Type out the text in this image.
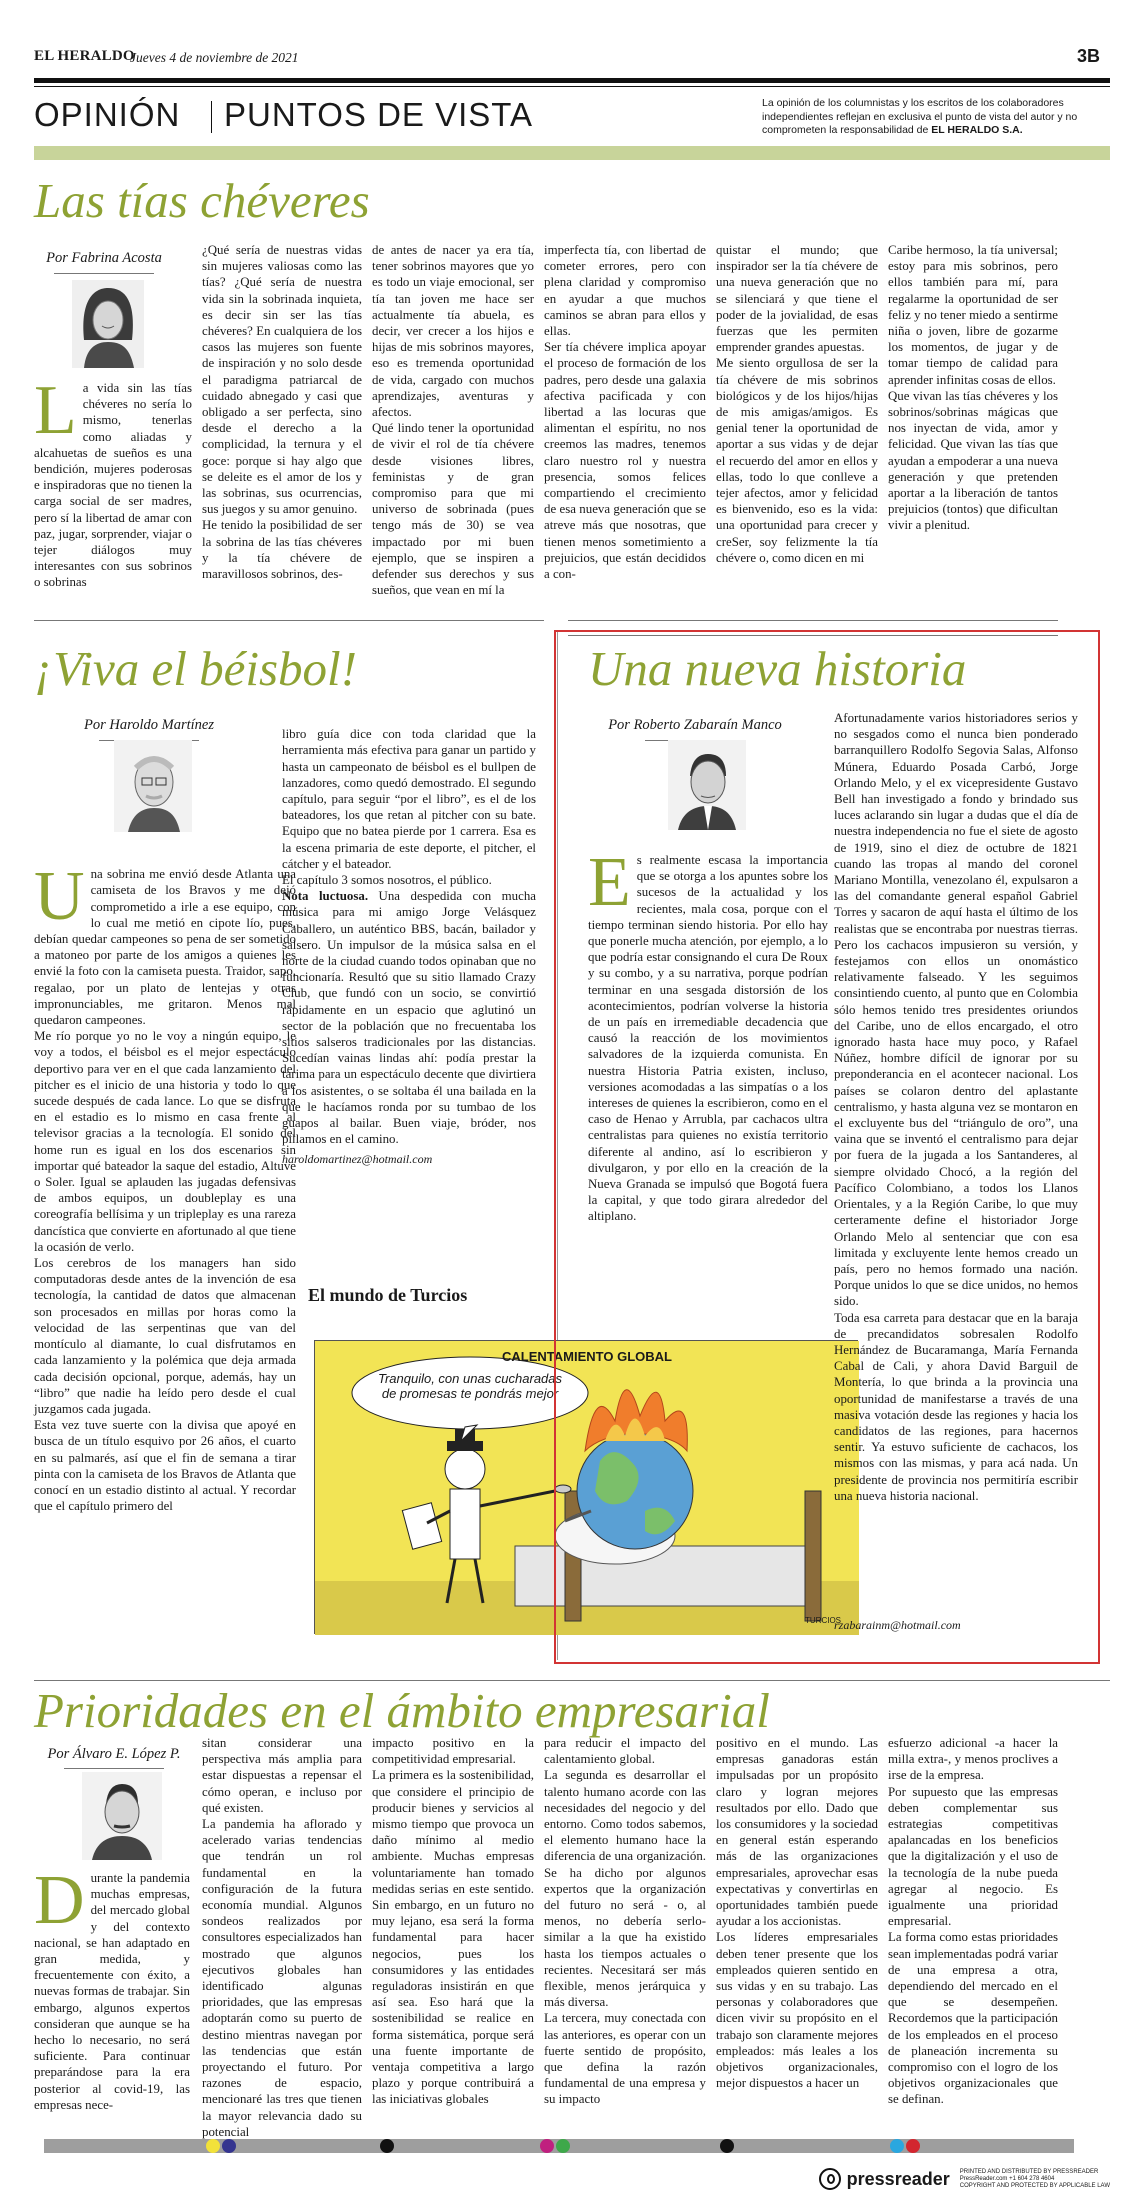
EL HERALDO
Jueves 4 de noviembre de 2021	3B
OPINIÓN PUNTOS DE VISTA	La opinión de los columnistas y los escritos de los colaboradores independientes reflejan en exclusiva el punto de vista del autor y no comprometen la responsabilidad de EL HERALDO S.A.
Las tías chéveres
Por Fabrina Acosta
La vida sin las tías chéveres no sería lo mismo, tenerlas como aliadas y alcahuetas de sueños es una bendición, mujeres poderosas e inspiradoras que no tienen la carga social de ser madres, pero sí la libertad de amar con paz, jugar, sorprender, viajar o tejer diálogos muy interesantes con sus sobrinos o sobrinas
¿Qué sería de nuestras vidas sin mujeres valiosas como las tías? ¿Qué sería de nuestra vida sin la sobrinada inquieta, es decir sin ser las tías chéveres? En cualquiera de los casos las mujeres son fuente de inspiración y no solo desde el paradigma patriarcal de cuidado abnegado y casi que obligado a ser perfecta, sino desde el derecho a la complicidad, la ternura y el goce: porque si hay algo que se deleite es el amor de los y las sobrinas, sus ocurrencias, sus juegos y su amor genuino.
He tenido la posibilidad de ser la sobrina de las tías chéveres y la tía chévere de maravillosos sobrinos, des-
de antes de nacer ya era tía, tener sobrinos mayores que yo es todo un viaje emocional, ser tía tan joven me hace ser actualmente tía abuela, es decir, ver crecer a los hijos e hijas de mis sobrinos mayores, eso es tremenda oportunidad de vida, cargado con muchos aprendizajes, aventuras y afectos.
Qué lindo tener la oportunidad de vivir el rol de tía chévere desde visiones libres, feministas y de gran compromiso para que mi universo de sobrinada (pues tengo más de 30) se vea impactado por mi buen ejemplo, que se inspiren a defender sus derechos y sus sueños, que vean en mí la
imperfecta tía, con libertad de cometer errores, pero con plena claridad y compromiso en ayudar a que muchos caminos se abran para ellos y ellas.
Ser tía chévere implica apoyar el proceso de formación de los padres, pero desde una galaxia afectiva pacificada y con libertad a las locuras que alimentan el espíritu, no nos creemos las madres, tenemos claro nuestro rol y nuestra presencia, somos felices compartiendo el crecimiento de esa nueva generación que se atreve más que nosotras, que tienen menos sometimiento a prejuicios, que están decididos a con-
quistar el mundo; que inspirador ser la tía chévere de una nueva generación que no se silenciará y que tiene el poder de la jovialidad, de esas fuerzas que les permiten emprender grandes apuestas.
Me siento orgullosa de ser la tía chévere de mis sobrinos biológicos y de los hijos/hijas de mis amigas/amigos. Es genial tener la oportunidad de aportar a sus vidas y de dejar el recuerdo del amor en ellos y ellas, todo lo que conlleve a tejer afectos, amor y felicidad es bienvenido, eso es la vida: una oportunidad para crecer y creSer, soy felizmente la tía chévere o, como dicen en mi
Caribe hermoso, la tía universal; estoy para mis sobrinos, pero ellos también para mí, para regalarme la oportunidad de ser feliz y no tener miedo a sentirme niña o joven, libre de gozarme los momentos, de jugar y de tomar tiempo de calidad para aprender infinitas cosas de ellos.
Que vivan las tías chéveres y los sobrinos/sobrinas mágicas que nos inyectan de vida, amor y felicidad. Que vivan las tías que ayudan a empoderar a una nueva generación y que pretenden aportar a la liberación de tantos prejuicios (tontos) que dificultan vivir a plenitud.
¡Viva el béisbol!
Por Haroldo Martínez

Una sobrina me envió desde Atlanta una camiseta de los Bravos y me dejó comprometido a irle a ese equipo, con lo cual me metió en cipote lío, pues, debían quedar campeones so pena de ser sometido a matoneo por parte de los amigos a quienes les envié la foto con la camiseta puesta. Traidor, sapo, regalao, por un plato de lentejas y otras impronunciables, me gritaron. Menos mal quedaron campeones.
Me río porque yo no le voy a ningún equipo, le voy a todos, el béisbol es el mejor espectáculo deportivo para ver en el que cada lanzamiento del pitcher es el inicio de una historia y todo lo que sucede después de cada lance. Lo que se disfruta en el estadio es lo mismo en casa frente al televisor gracias a la tecnología. El sonido del home run es igual en los dos escenarios sin importar qué bateador la saque del estadio, Altuve o Soler. Igual se aplauden las jugadas defensivas de ambos equipos, un doubleplay es una coreografía bellísima y un tripleplay es una rareza dancística que convierte en afortunado al que tiene la ocasión de verlo.
Los cerebros de los managers han sido computadoras desde antes de la invención de esa tecnología, la cantidad de datos que almacenan son procesados en millas por horas como la velocidad de las serpentinas que van del montículo al diamante, lo cual disfrutamos en cada lanzamiento y la polémica que deja armada cada decisión opcional, porque, además, hay un “libro” que nadie ha leído pero desde el cual juzgamos cada jugada.
Esta vez tuve suerte con la divisa que apoyé en busca de un título esquivo por 26 años, el cuarto en su palmarés, así que el fin de semana a tirar pinta con la camiseta de los Bravos de Atlanta que conocí en un estadio distinto al actual. Y recordar que el capítulo primero del

libro guía dice con toda claridad que la herramienta más efectiva para ganar un partido y hasta un campeonato de béisbol es el bullpen de lanzadores, como quedó demostrado. El segundo capítulo, para seguir “por el libro”, es el de los bateadores, los que retan al pitcher con su bate. Equipo que no batea pierde por 1 carrera. Esa es la escena primaria de este deporte, el pitcher, el cátcher y el bateador.
El capítulo 3 somos nosotros, el público.
Nota luctuosa. Una despedida con mucha música para mi amigo Jorge Velásquez Caballero, un auténtico BBS, bacán, bailador y salsero. Un impulsor de la música salsa en el norte de la ciudad cuando todos opinaban que no funcionaría. Resultó que su sitio llamado Crazy Club, que fundó con un socio, se convirtió rápidamente en un espacio que aglutinó un sector de la población que no frecuentaba los sitios salseros tradicionales por las distancias. Sucedían vainas lindas ahí: podía prestar la tarima para un espectáculo decente que divirtiera a los asistentes, o se soltaba él una bailada en la que le hacíamos ronda por su tumbao de los guapos al bailar. Buen viaje, bróder, nos pillamos en el camino.

haroldomartinez@hotmail.com

El mundo de Turcios
CALENTAMIENTO GLOBAL
Tranquilo, con unas cucharadas de promesas te pondrás mejor
TURCIOS
Una nueva historia
Por Roberto Zabaraín Manco
Es realmente escasa la importancia que se otorga a los apuntes sobre los sucesos de la actualidad y los recientes, mala cosa, porque con el tiempo terminan siendo historia. Por ello hay que ponerle mucha atención, por ejemplo, a lo que podría estar consignando el cura De Roux y su combo, y a su narrativa, porque podrían terminar en una sesgada distorsión de los acontecimientos, podrían volverse la historia de un país en irremediable decadencia que causó la reacción de los movimientos salvadores de la izquierda comunista. En nuestra Historia Patria existen, incluso, versiones acomodadas a las simpatías o a los intereses de quienes la escribieron, como en el caso de Henao y Arrubla, par cachacos ultra centralistas para quienes no existía territorio diferente al andino, así lo escribieron y divulgaron, y por ello en la creación de la Nueva Granada se impulsó que Bogotá fuera la capital, y que todo girara alrededor del altiplano.
Afortunadamente varios historiadores serios y no sesgados como el nunca bien ponderado barranquillero Rodolfo Segovia Salas, Alfonso Múnera, Eduardo Posada Carbó, Jorge Orlando Melo, y el ex vicepresidente Gustavo Bell han investigado a fondo y brindado sus luces aclarando sin lugar a dudas que el día de nuestra independencia no fue el siete de agosto de 1919, sino el diez de octubre de 1821 cuando las tropas al mando del coronel Mariano Montilla, venezolano él, expulsaron a las del comandante general español Gabriel Torres y sacaron de aquí hasta el último de los realistas que se encontraba por nuestras tierras. Pero los cachacos impusieron su versión, y festejamos con ellos un onomástico relativamente falseado. Y les seguimos consintiendo cuento, al punto que en Colombia sólo hemos tenido tres presidentes oriundos del Caribe, uno de ellos encargado, el otro ignorado hasta hace muy poco, y Rafael Núñez, hombre difícil de ignorar por su preponderancia en el acontecer nacional. Los países se colaron dentro del aplastante centralismo, y hasta alguna vez se montaron en el excluyente bus del “triángulo de oro”, una vaina que se inventó el centralismo para dejar por fuera de la jugada a los Santanderes, al siempre olvidado Chocó, a la región del Pacífico Colombiano, a todos los Llanos Orientales, y a la Región Caribe, lo que muy certeramente define el historiador Jorge Orlando Melo al sentenciar que con esa limitada y excluyente lente hemos creado un país, pero no hemos formado una nación. Porque unidos lo que se dice unidos, no hemos sido.
Toda esa carreta para destacar que en la baraja de precandidatos sobresalen Rodolfo Hernández de Bucaramanga, María Fernanda Cabal de Cali, y ahora David Barguil de Montería, lo que brinda a la provincia una oportunidad de manifestarse a través de una masiva votación desde las regiones y hacia los candidatos de las regiones, para hacernos sentir. Ya estuvo suficiente de cachacos, los mismos con las mismas, y para acá nada. Un presidente de provincia nos permitiría escribir una nueva historia nacional.
rzabarainm@hotmail.com
Prioridades en el ámbito empresarial
Por Álvaro E. López P.
Durante la pandemia muchas empresas, del mercado global y del contexto nacional, se han adaptado en gran medida, y frecuentemente con éxito, a nuevas formas de trabajar. Sin embargo, algunos expertos consideran que aunque se ha hecho lo necesario, no será suficiente. Para continuar preparándose para la era posterior al covid-19, las empresas nece-
sitan considerar una perspectiva más amplia para estar dispuestas a repensar el cómo operan, e incluso por qué existen.
La pandemia ha aflorado y acelerado varias tendencias que tendrán un rol fundamental en la configuración de la futura economía mundial. Algunos sondeos realizados por consultores especializados han mostrado que algunos ejecutivos globales han identificado algunas prioridades, que las empresas adoptarán como su puerto de destino mientras navegan por las tendencias que están proyectando el futuro. Por razones de espacio, mencionaré las tres que tienen la mayor relevancia dado su potencial
impacto positivo en la competitividad empresarial.
La primera es la sostenibilidad, que considere el principio de producir bienes y servicios al mismo tiempo que provoca un daño mínimo al medio ambiente. Muchas empresas voluntariamente han tomado medidas serias en este sentido. Sin embargo, en un futuro no muy lejano, esa será la forma fundamental para hacer negocios, pues los consumidores y las entidades reguladoras insistirán en que así sea. Eso hará que la sostenibilidad se realice en forma sistemática, porque será una fuente importante de ventaja competitiva a largo plazo y porque contribuirá a las iniciativas globales
para reducir el impacto del calentamiento global.
La segunda es desarrollar el talento humano acorde con las necesidades del negocio y del entorno. Como todos sabemos, el elemento humano hace la diferencia de una organización. Se ha dicho por algunos expertos que la organización del futuro no será - o, al menos, no debería serlo- similar a la que ha existido hasta los tiempos actuales o recientes. Necesitará ser más flexible, menos jerárquica y más diversa.
La tercera, muy conectada con las anteriores, es operar con un fuerte sentido de propósito, que defina la razón fundamental de una empresa y su impacto
positivo en el mundo. Las empresas ganadoras están impulsadas por un propósito claro y logran mejores resultados por ello. Dado que los consumidores y la sociedad en general están esperando más de las organizaciones empresariales, aprovechar esas expectativas y convertirlas en oportunidades también puede ayudar a los accionistas.
Los líderes empresariales deben tener presente que los empleados quieren sentido en sus vidas y en su trabajo. Las personas y colaboradores que dicen vivir su propósito en el trabajo son claramente mejores empleados: más leales a los objetivos organizacionales, mejor dispuestos a hacer un
esfuerzo adicional -a hacer la milla extra-, y menos proclives a irse de la empresa.
Por supuesto que las empresas deben complementar sus estrategias competitivas apalancadas en los beneficios que la digitalización y el uso de la tecnología de la nube pueda agregar al negocio. Es igualmente una prioridad empresarial.
La forma como estas prioridades sean implementadas podrá variar de una empresa a otra, dependiendo del mercado en el que se desempeñen. Recordemos que la participación de los empleados en el proceso de planeación incrementa su compromiso con el logro de los objetivos organizacionales que se definan.
pressreader PRINTED AND DISTRIBUTED BY PRESSREADER
PressReader.com +1 604 278 4604
COPYRIGHT AND PROTECTED BY APPLICABLE LAW
